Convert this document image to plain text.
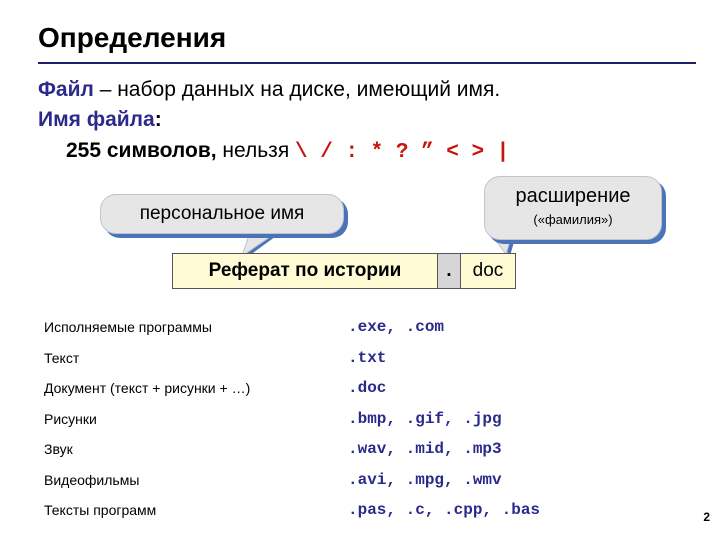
Определения
Файл – набор данных на диске, имеющий имя.
Имя файла:
255 символов, нельзя \ / : * ? ” < > |
персональное имя
расширение
(«фамилия»)
Реферат по истории	. doc
Исполняемые программы	.exe, .com
Текст	.txt
Документ (текст + рисунки + …)	.doc
Рисунки	.bmp, .gif, .jpg
Звук	.wav, .mid, .mp3
Видеофильмы	.avi, .mpg, .wmv
Тексты программ	.pas, .c, .cpp, .bas	2
